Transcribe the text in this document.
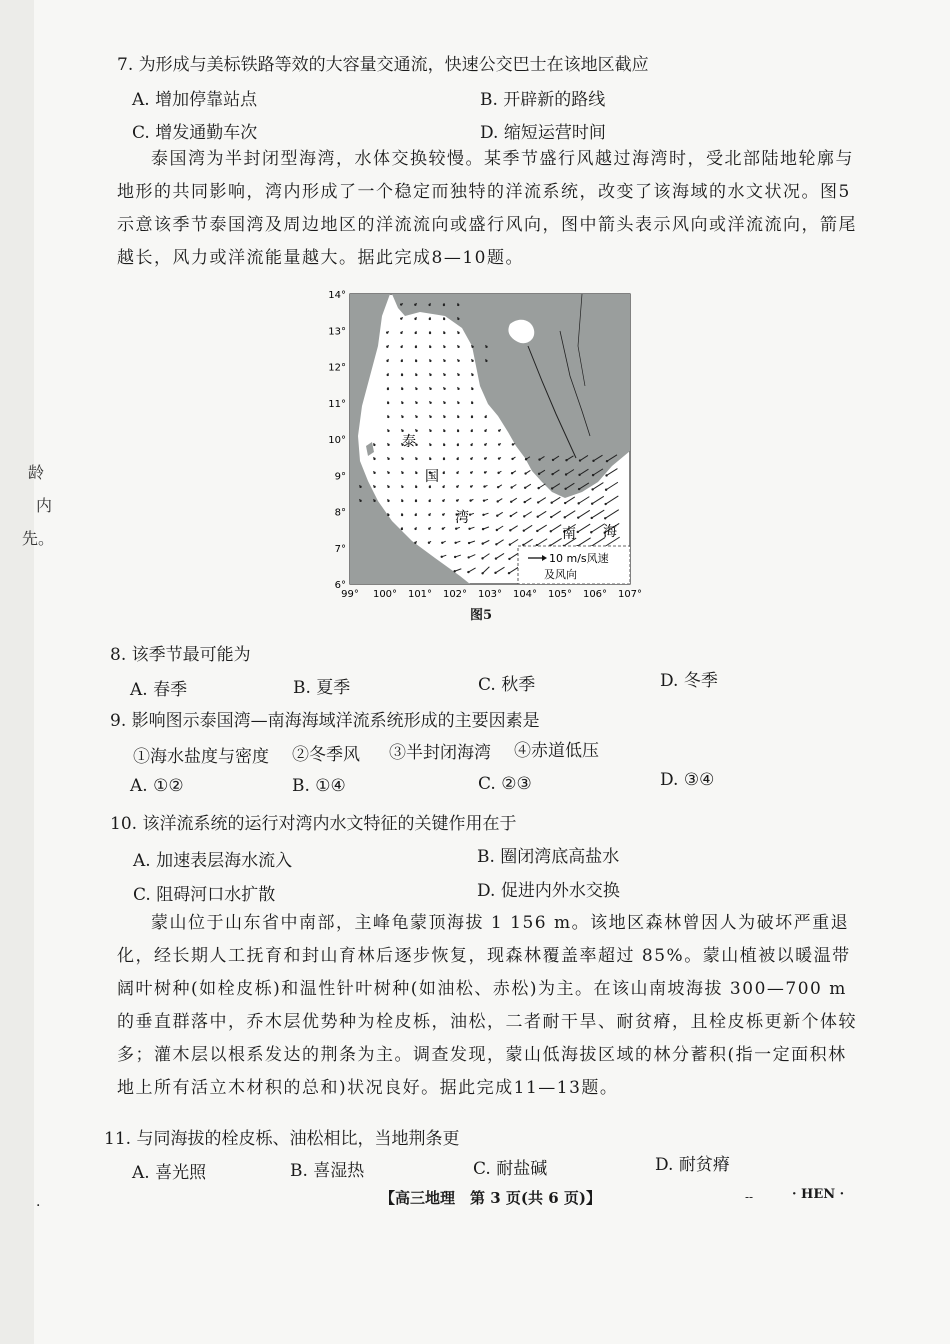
龄
内
先。
7. 为形成与美标铁路等效的大容量交通流，快速公交巴士在该地区截应
A. 增加停靠站点	B. 开辟新的路线
C. 增发通勤车次	D. 缩短运营时间
泰国湾为半封闭型海湾，水体交换较慢。某季节盛行风越过海湾时，受北部陆地轮廓与地形的共同影响，湾内形成了一个稳定而独特的洋流系统，改变了该海域的水文状况。图5示意该季节泰国湾及周边地区的洋流流向或盛行风向，图中箭头表示风向或洋流流向，箭尾越长，风力或洋流能量越大。据此完成8—10题。
泰
国
湾
南 海
10 m/s风速
及风向
14°
13°
12°
11°
10°
9°
8°
7°
6°
99° 100° 101° 102° 103° 104° 105° 106° 107°
图5
8. 该季节最可能为
A. 春季	B. 夏季	C. 秋季	D. 冬季
9. 影响图示泰国湾—南海海域洋流系统形成的主要因素是
①海水盐度与密度 ②冬季风 ③半封闭海湾 ④赤道低压
A. ①②	B. ①④	C. ②③	D. ③④
10. 该洋流系统的运行对湾内水文特征的关键作用在于
A. 加速表层海水流入	B. 圈闭湾底高盐水
C. 阻碍河口水扩散	D. 促进内外水交换
蒙山位于山东省中南部，主峰龟蒙顶海拔 1 156 m。该地区森林曾因人为破坏严重退化，经长期人工抚育和封山育林后逐步恢复，现森林覆盖率超过 85%。蒙山植被以暖温带阔叶树种(如栓皮栎)和温性针叶树种(如油松、赤松)为主。在该山南坡海拔 300—700 m 的垂直群落中，乔木层优势种为栓皮栎，油松，二者耐干旱、耐贫瘠，且栓皮栎更新个体较多；灌木层以根系发达的荆条为主。调查发现，蒙山低海拔区域的林分蓄积(指一定面积林地上所有活立木材积的总和)状况良好。据此完成11—13题。
11. 与同海拔的栓皮栎、油松相比，当地荆条更
A. 喜光照	B. 喜湿热	C. 耐盐碱	D. 耐贫瘠
·	【高三地理　第 3 页(共 6 页)】	--	· HEN ·
